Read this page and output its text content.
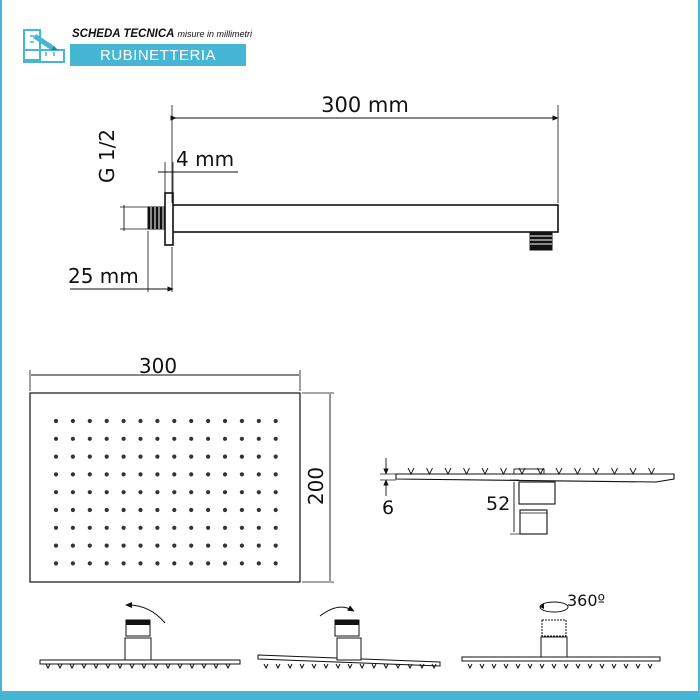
SCHEDA TECNICA misure in millimetri
RUBINETTERIA
300 mm
G 1/2	4 mm
25 mm
300
200
6	52
360º
